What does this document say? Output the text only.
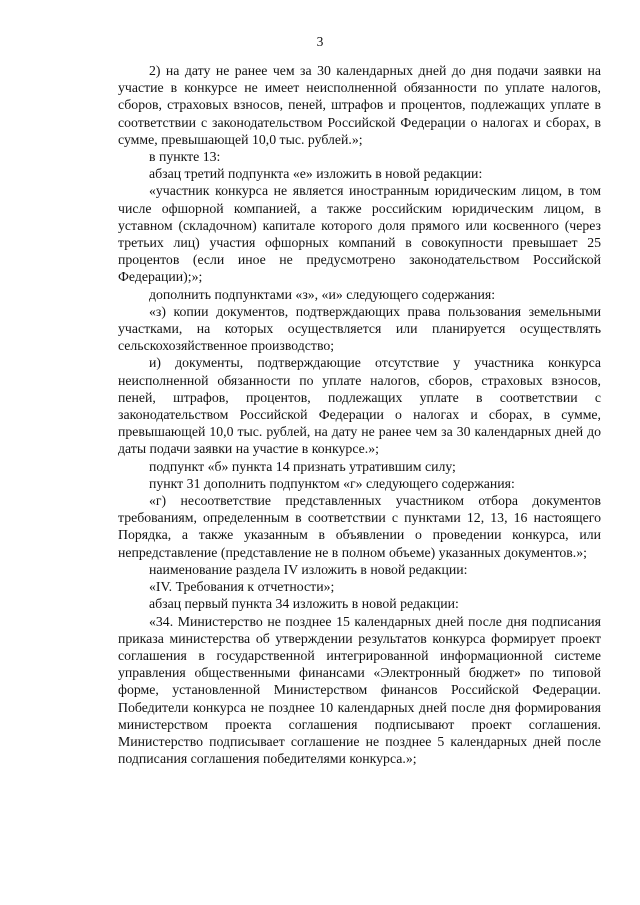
3

2) на дату не ранее чем за 30 календарных дней до дня подачи заявки на участие в конкурсе не имеет неисполненной обязанности по уплате налогов, сборов, страховых взносов, пеней, штрафов и процентов, подлежащих уплате в соответствии с законодательством Российской Федерации о налогах и сборах, в сумме, превышающей 10,0 тыс. рублей.»;

в пункте 13:

абзац третий подпункта «е» изложить в новой редакции:

«участник конкурса не является иностранным юридическим лицом, в том числе офшорной компанией, а также российским юридическим лицом, в уставном (складочном) капитале которого доля прямого или косвенного (через третьих лиц) участия офшорных компаний в совокупности превышает 25 процентов (если иное не предусмотрено законодательством Российской Федерации);»;

дополнить подпунктами «з», «и» следующего содержания:

«з) копии документов, подтверждающих права пользования земельными участками, на которых осуществляется или планируется осуществлять сельскохозяйственное производство;

и) документы, подтверждающие отсутствие у участника конкурса неисполненной обязанности по уплате налогов, сборов, страховых взносов, пеней, штрафов, процентов, подлежащих уплате в соответствии с законодательством Российской Федерации о налогах и сборах, в сумме, превышающей 10,0 тыс. рублей, на дату не ранее чем за 30 календарных дней до даты подачи заявки на участие в конкурсе.»;

подпункт «б» пункта 14 признать утратившим силу;

пункт 31 дополнить подпунктом «г» следующего содержания:

«г) несоответствие представленных участником отбора документов требованиям, определенным в соответствии с пунктами 12, 13, 16 настоящего Порядка, а также указанным в объявлении о проведении конкурса, или непредставление (представление не в полном объеме) указанных документов.»;

наименование раздела IV изложить в новой редакции:

«IV. Требования к отчетности»;

абзац первый пункта 34 изложить в новой редакции:

«34. Министерство не позднее 15 календарных дней после дня подписания приказа министерства об утверждении результатов конкурса формирует проект соглашения в государственной интегрированной информационной системе управления общественными финансами «Электронный бюджет» по типовой форме, установленной Министерством финансов Российской Федерации. Победители конкурса не позднее 10 календарных дней после дня формирования министерством проекта соглашения подписывают проект соглашения. Министерство подписывает соглашение не позднее 5 календарных дней после подписания соглашения победителями конкурса.»;
